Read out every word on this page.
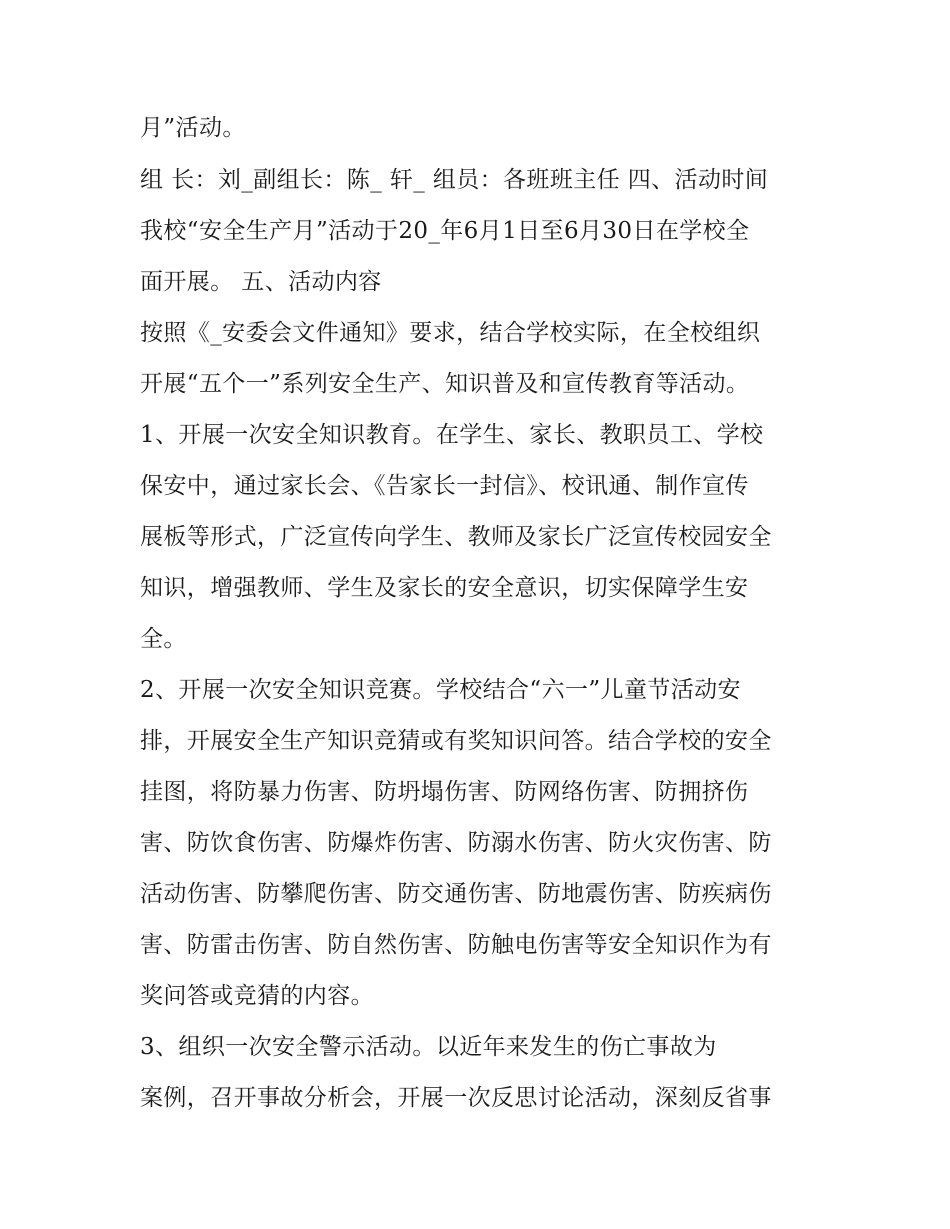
月”活动。
组 长：刘_副组长：陈_ 轩_ 组员：各班班主任 四、活动时间
我校“安全生产月”活动于20_年6月1日至6月30日在学校全
面开展。 五、活动内容
按照《_安委会文件通知》要求，结合学校实际，在全校组织
开展“五个一”系列安全生产、知识普及和宣传教育等活动。
1、开展一次安全知识教育。在学生、家长、教职员工、学校
保安中，通过家长会、《告家长一封信》、校讯通、制作宣传
展板等形式，广泛宣传向学生、教师及家长广泛宣传校园安全
知识，增强教师、学生及家长的安全意识，切实保障学生安
全。
2、开展一次安全知识竞赛。学校结合“六一”儿童节活动安
排，开展安全生产知识竞猜或有奖知识问答。结合学校的安全
挂图，将防暴力伤害、防坍塌伤害、防网络伤害、防拥挤伤
害、防饮食伤害、防爆炸伤害、防溺水伤害、防火灾伤害、防
活动伤害、防攀爬伤害、防交通伤害、防地震伤害、防疾病伤
害、防雷击伤害、防自然伤害、防触电伤害等安全知识作为有
奖问答或竞猜的内容。
3、组织一次安全警示活动。以近年来发生的伤亡事故为
案例，召开事故分析会，开展一次反思讨论活动，深刻反省事
